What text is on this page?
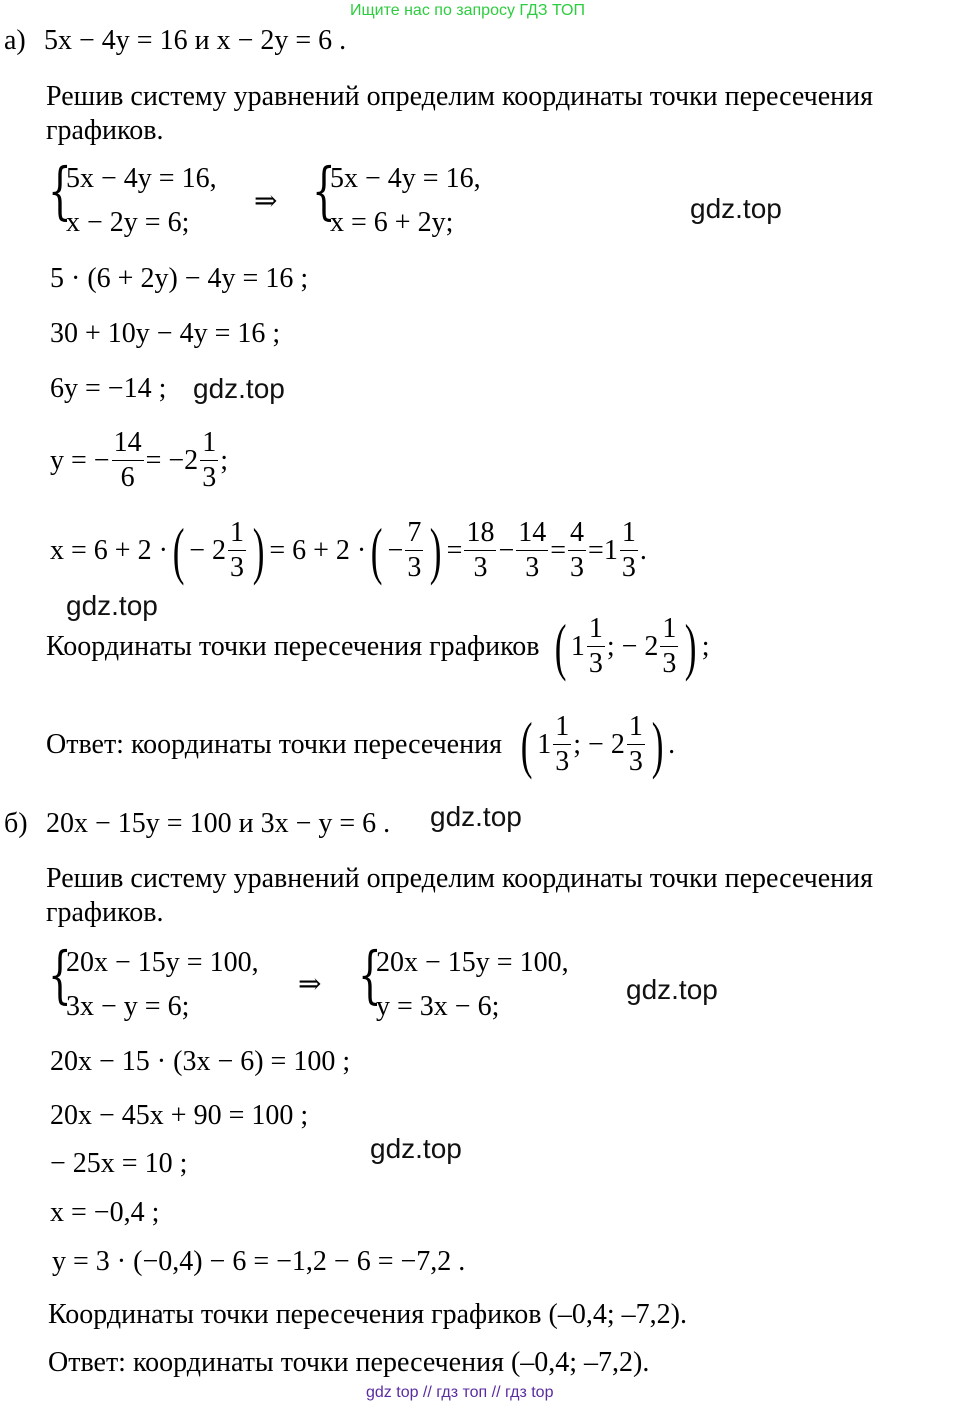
Ищите нас по запросу ГДЗ ТОП
а) 5x − 4y = 16 и x − 2y = 6 .
Решив систему уравнений определим координаты точки пересечения
графиков.
{
5x − 4y = 16,
x − 2y = 6;
⇒ {
5x − 4y = 16,
x = 6 + 2y;	gdz.top
5 · (6 + 2y) − 4y = 16 ;
30 + 10y − 4y = 16 ;
6y = −14 ; gdz.top
y = − $\frac{14}{6} = -2 \frac{1}{3}$ ;
x = 6 + 2 · ( − $2 \frac{1}{3}$ ) = 6 + 2 · ( − $\frac{7}{3}$ ) = $\frac{18}{3} - \frac{14}{3} = \frac{4}{3} = 1 \frac{1}{3}$ .
gdz.top
Координаты точки пересечения графиков ( $1 \frac{1}{3}$ ; − $2 \frac{1}{3}$ ) ;
Ответ: координаты точки пересечения ( $1 \frac{1}{3}$ ; − $2 \frac{1}{3}$ ) .
б) 20x − 15y = 100 и 3x − y = 6 . gdz.top
Решив систему уравнений определим координаты точки пересечения
графиков.
{
20x − 15y = 100,
3x − y = 6;
⇒ {
20x − 15y = 100,
y = 3x − 6;
gdz.top
20x − 15 · (3x − 6) = 100 ;
20x − 45x + 90 = 100 ;
gdz.top
− 25x = 10 ;
x = −0,4 ;
y = 3 · (−0,4) − 6 = −1,2 − 6 = −7,2 .
Координаты точки пересечения графиков (–0,4; –7,2).
Ответ: координаты точки пересечения (–0,4; –7,2).
gdz top // гдз топ // гдз top
